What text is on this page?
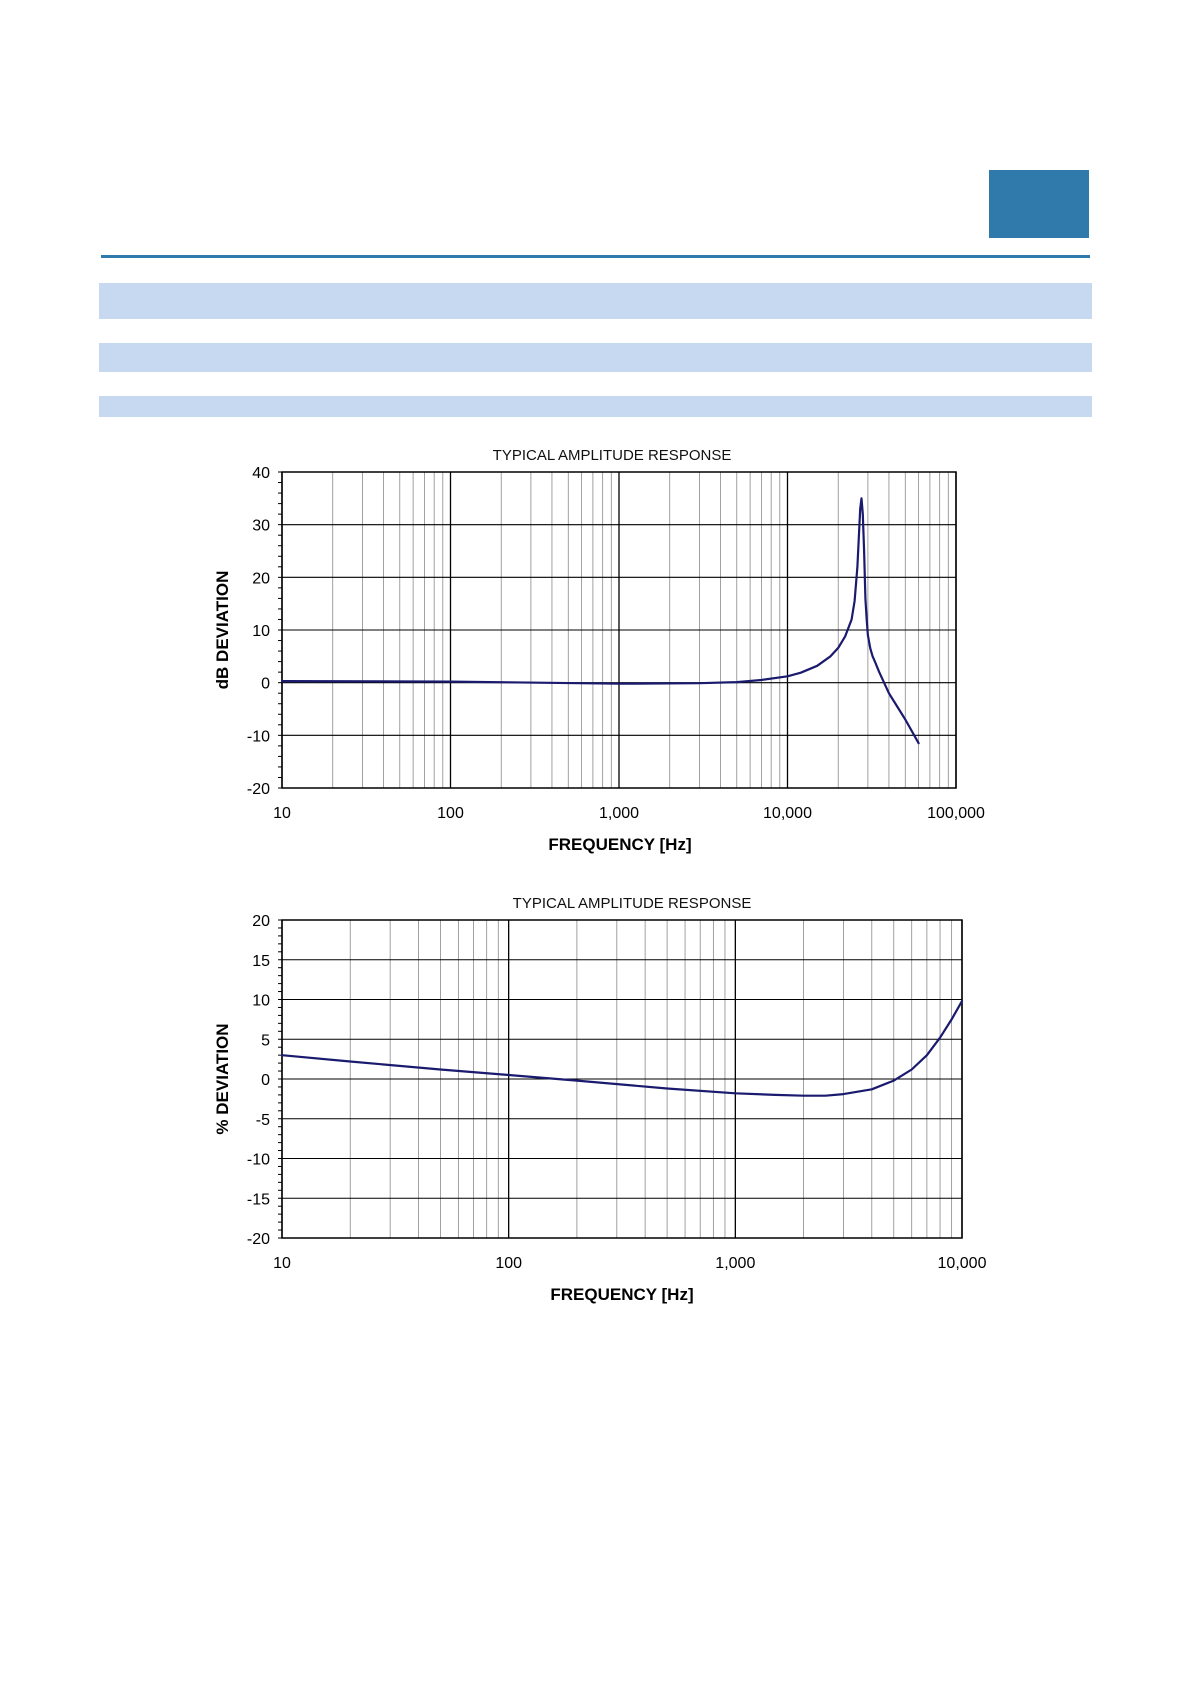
-20
-10
0
10
20
30
40
10	100	1,000	10,000	100,000
TYPICAL AMPLITUDE RESPONSE
FREQUENCY [Hz]
dB DEVIATION
-20
-15
-10
-5
0
5
10
15
20
10	100	1,000	10,000
TYPICAL AMPLITUDE RESPONSE
FREQUENCY [Hz]
% DEVIATION
